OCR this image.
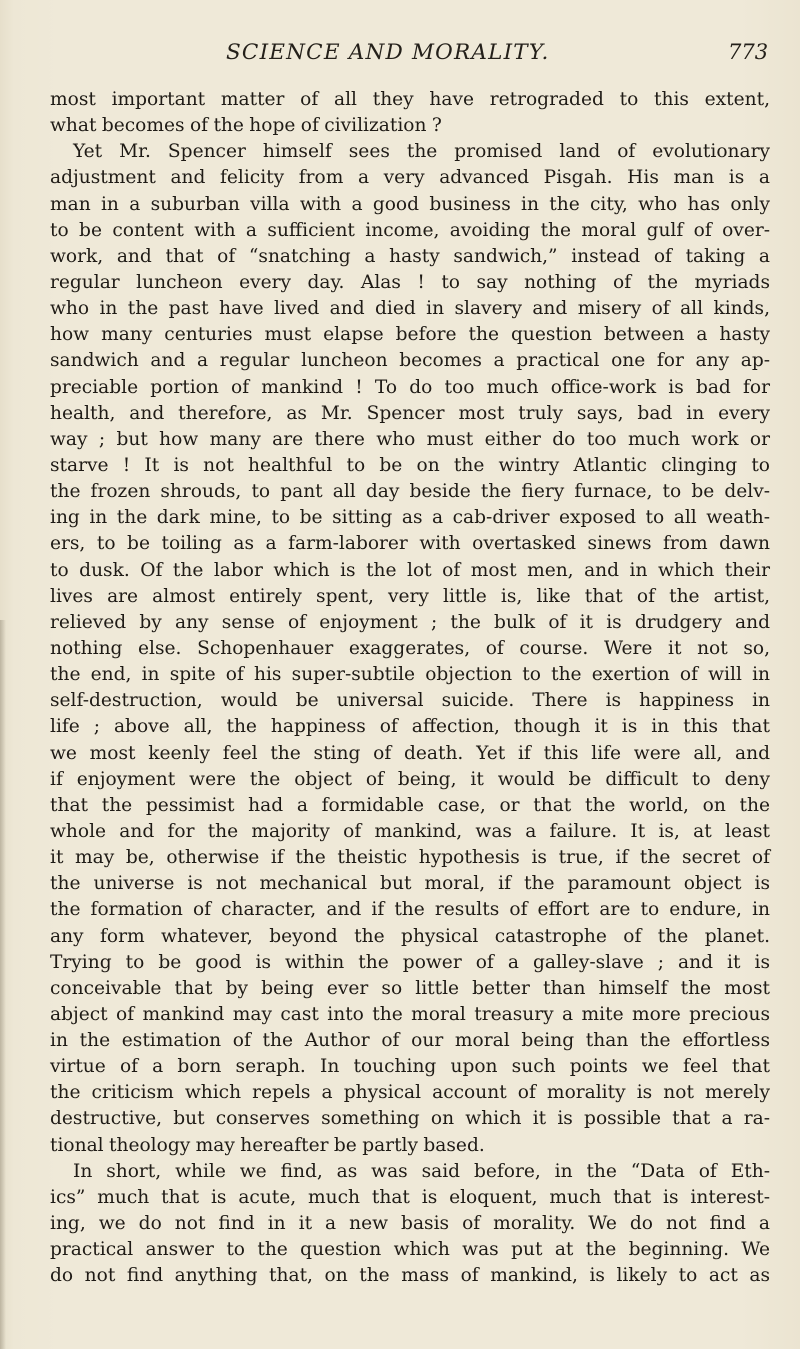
SCIENCE AND MORALITY.	773
most important matter of all they have retrograded to this extent,
what becomes of the hope of civilization ?
Yet Mr. Spencer himself sees the promised land of evolutionary
adjustment and felicity from a very advanced Pisgah. His man is a
man in a suburban villa with a good business in the city, who has only
to be content with a sufficient income, avoiding the moral gulf of over-
work, and that of “snatching a hasty sandwich,” instead of taking a
regular luncheon every day. Alas ! to say nothing of the myriads
who in the past have lived and died in slavery and misery of all kinds,
how many centuries must elapse before the question between a hasty
sandwich and a regular luncheon becomes a practical one for any ap-
preciable portion of mankind ! To do too much office-work is bad for
health, and therefore, as Mr. Spencer most truly says, bad in every
way ; but how many are there who must either do too much work or
starve ! It is not healthful to be on the wintry Atlantic clinging to
the frozen shrouds, to pant all day beside the fiery furnace, to be delv-
ing in the dark mine, to be sitting as a cab-driver exposed to all weath-
ers, to be toiling as a farm-laborer with overtasked sinews from dawn
to dusk. Of the labor which is the lot of most men, and in which their
lives are almost entirely spent, very little is, like that of the artist,
relieved by any sense of enjoyment ; the bulk of it is drudgery and
nothing else. Schopenhauer exaggerates, of course. Were it not so,
the end, in spite of his super-subtile objection to the exertion of will in
self-destruction, would be universal suicide. There is happiness in
life ; above all, the happiness of affection, though it is in this that
we most keenly feel the sting of death. Yet if this life were all, and
if enjoyment were the object of being, it would be difficult to deny
that the pessimist had a formidable case, or that the world, on the
whole and for the majority of mankind, was a failure. It is, at least
it may be, otherwise if the theistic hypothesis is true, if the secret of
the universe is not mechanical but moral, if the paramount object is
the formation of character, and if the results of effort are to endure, in
any form whatever, beyond the physical catastrophe of the planet.
Trying to be good is within the power of a galley-slave ; and it is
conceivable that by being ever so little better than himself the most
abject of mankind may cast into the moral treasury a mite more precious
in the estimation of the Author of our moral being than the effortless
virtue of a born seraph. In touching upon such points we feel that
the criticism which repels a physical account of morality is not merely
destructive, but conserves something on which it is possible that a ra-
tional theology may hereafter be partly based.
In short, while we find, as was said before, in the “Data of Eth-
ics” much that is acute, much that is eloquent, much that is interest-
ing, we do not find in it a new basis of morality. We do not find a
practical answer to the question which was put at the beginning. We
do not find anything that, on the mass of mankind, is likely to act as
